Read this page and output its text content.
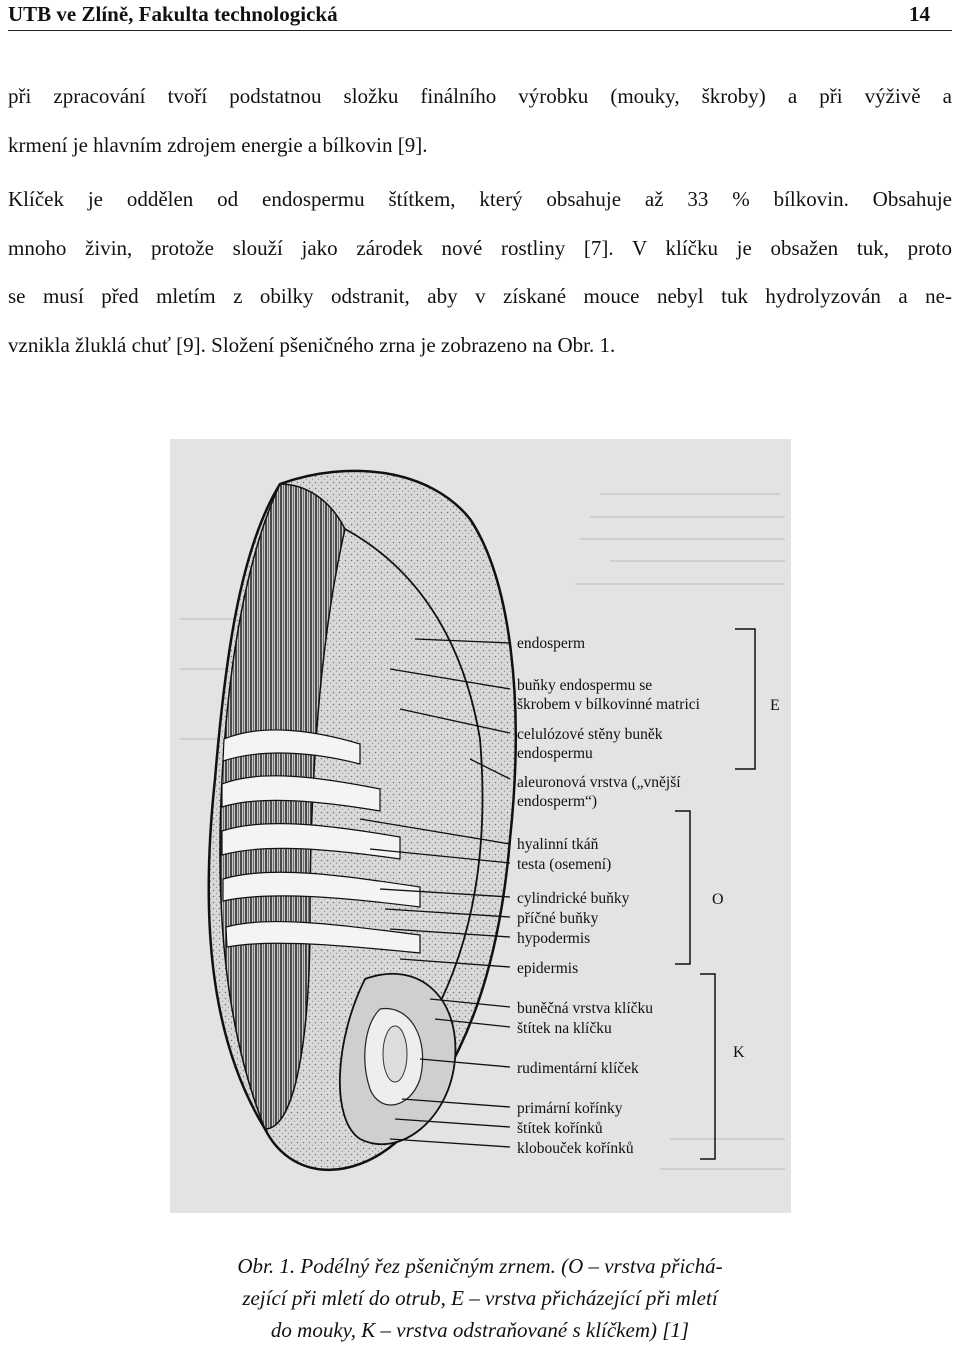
UTB ve Zlíně, Fakulta technologická	14
při zpracování tvoří podstatnou složku finálního výrobku (mouky, škroby) a při výživě a
krmení je hlavním zdrojem energie a bílkovin [9].
Klíček je oddělen od endospermu štítkem, který obsahuje až 33 % bílkovin. Obsahuje
mnoho živin, protože slouží jako zárodek nové rostliny [7]. V klíčku je obsažen tuk, proto
se musí před mletím z obilky odstranit, aby v získané mouce nebyl tuk hydrolyzován a ne-
vznikla žluklá chuť [9]. Složení pšeničného zrna je zobrazeno na Obr. 1.
endosperm
buňky endospermu se
škrobem v bílkovinné matrici
celulózové stěny buněk
endospermu
aleuronová vrstva („vnější
endosperm“)
hyalinní tkáň
testa (osemení)
cylindrické buňky
příčné buňky
hypodermis
epidermis
buněčná vrstva klíčku
štítek na klíčku
rudimentární klíček
primární kořínky
štítek kořínků
klobouček kořínků
E
O
K
Obr. 1. Podélný řez pšeničným zrnem. (O – vrstva přichá-
zející při mletí do otrub, E – vrstva přicházející při mletí
do mouky, K – vrstva odstraňované s klíčkem) [1]
